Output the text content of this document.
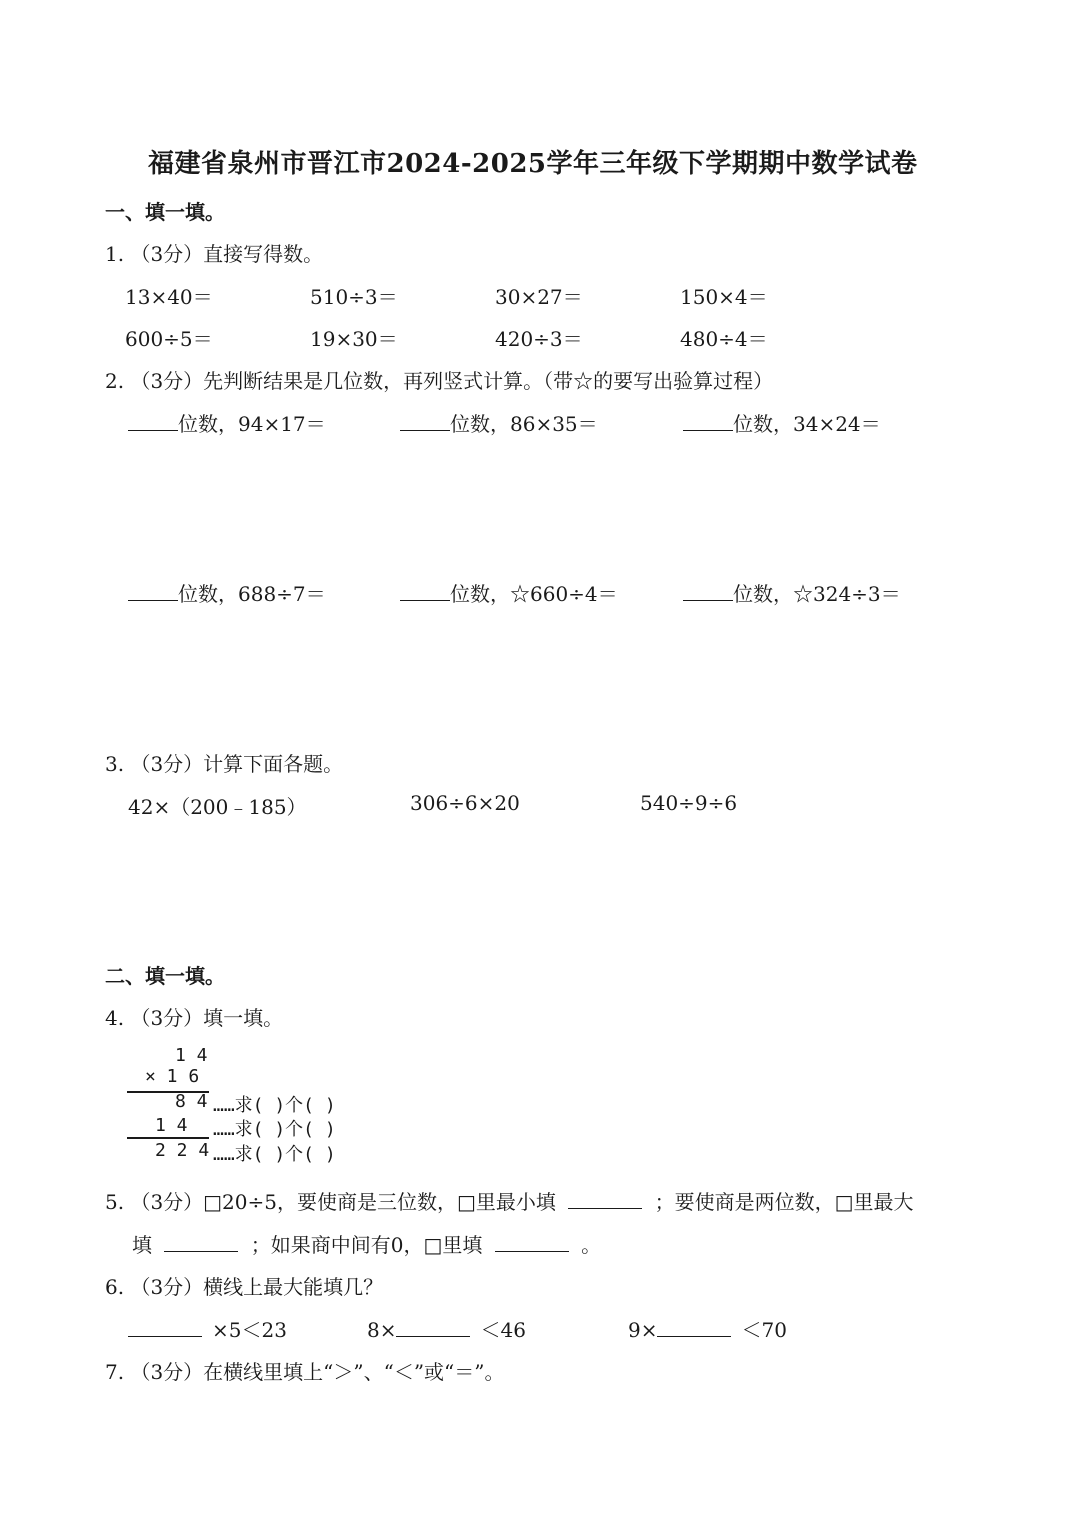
福建省泉州市晋江市2024-2025学年三年级下学期期中数学试卷
一、填一填。
1. （3分）直接写得数。
13×40＝	510÷3＝	30×27＝	150×4＝
600÷5＝	19×30＝	420÷3＝	480÷4＝
2. （3分）先判断结果是几位数，再列竖式计算。（带☆的要写出验算过程）
位数，94×17＝	位数，86×35＝	位数，34×24＝
位数，688÷7＝	位数，☆660÷4＝	位数，☆324÷3＝
3. （3分）计算下面各题。
42×（200﹣185）	306÷6×20	540÷9÷6
二、填一填。
4. （3分）填一填。
1 4
× 1 6
8 4 ……求( )个( )
1 4 ……求( )个( )
2 2 4 ……求( )个( )
5. （3分）□20÷5，要使商是三位数，□里最小填	；要使商是两位数，□里最大
填	；如果商中间有0，□里填	。
6. （3分）横线上最大能填几？
×5＜23	8×	＜46	9×	＜70
7. （3分）在横线里填上“＞”、“＜”或“＝”。
